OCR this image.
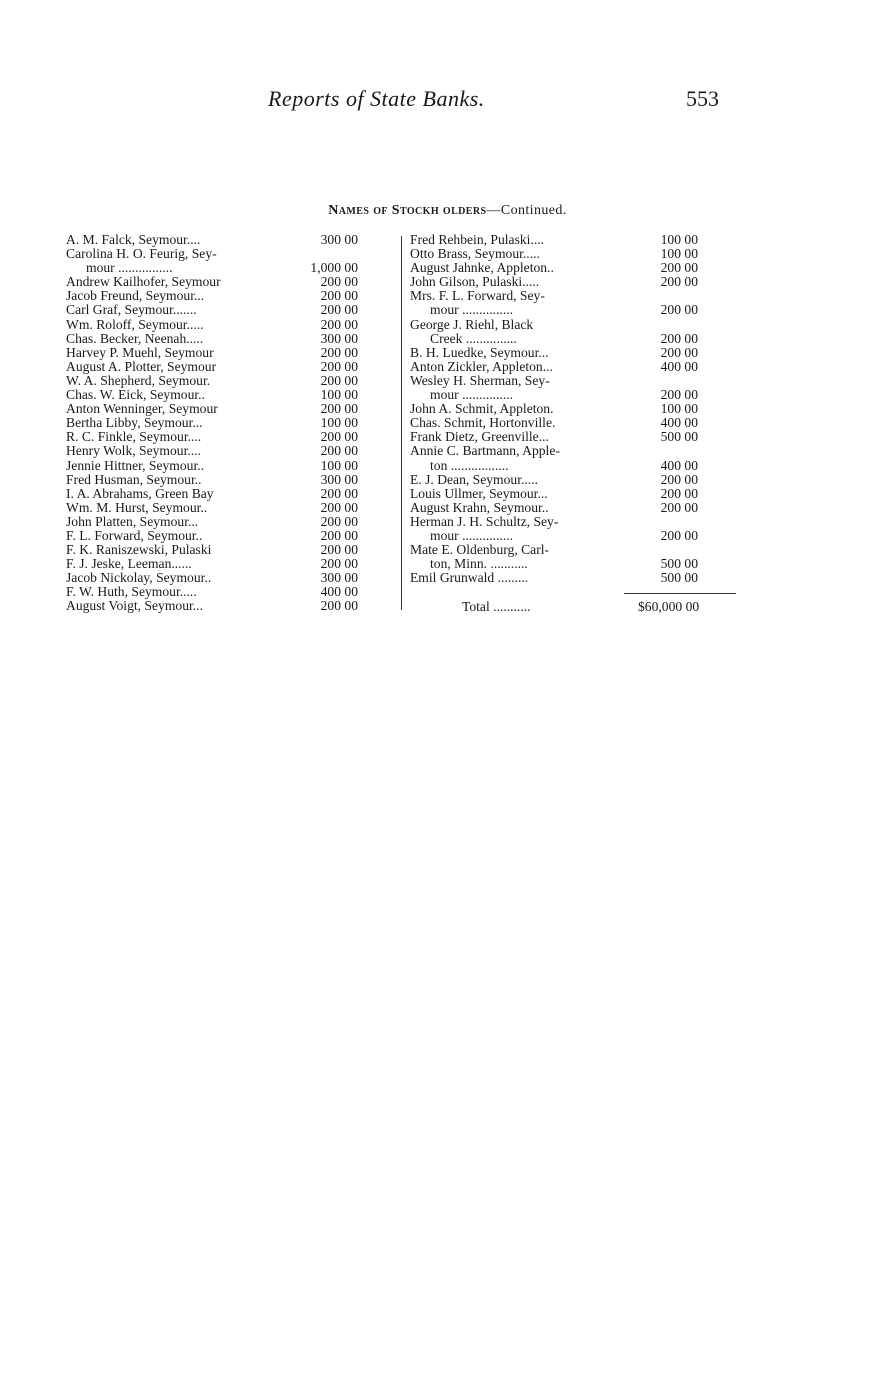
Reports of State Banks.	553
Names of Stockh olders—Continued.
A. M. Falck, Seymour....	300 00
Carolina H. O. Feurig, Sey-
mour ................	1,000 00
Andrew Kailhofer, Seymour	200 00
Jacob Freund, Seymour...	200 00
Carl Graf, Seymour.......	200 00
Wm. Roloff, Seymour.....	200 00
Chas. Becker, Neenah.....	300 00
Harvey P. Muehl, Seymour	200 00
August A. Plotter, Seymour	200 00
W. A. Shepherd, Seymour.	200 00
Chas. W. Eick, Seymour..	100 00
Anton Wenninger, Seymour	200 00
Bertha Libby, Seymour...	100 00
R. C. Finkle, Seymour....	200 00
Henry Wolk, Seymour....	200 00
Jennie Hittner, Seymour..	100 00
Fred Husman, Seymour..	300 00
I. A. Abrahams, Green Bay	200 00
Wm. M. Hurst, Seymour..	200 00
John Platten, Seymour...	200 00
F. L. Forward, Seymour..	200 00
F. K. Raniszewski, Pulaski	200 00
F. J. Jeske, Leeman......	200 00
Jacob Nickolay, Seymour..	300 00
F. W. Huth, Seymour.....	400 00
August Voigt, Seymour...	200 00
Fred Rehbein, Pulaski....	100 00
Otto Brass, Seymour.....	100 00
August Jahnke, Appleton..	200 00
John Gilson, Pulaski.....	200 00
Mrs. F. L. Forward, Sey-
mour ...............	200 00
George J. Riehl, Black
Creek ...............	200 00
B. H. Luedke, Seymour...	200 00
Anton Zickler, Appleton...	400 00
Wesley H. Sherman, Sey-
mour ...............	200 00
John A. Schmit, Appleton.	100 00
Chas. Schmit, Hortonville.	400 00
Frank Dietz, Greenville...	500 00
Annie C. Bartmann, Apple-
ton .................	400 00
E. J. Dean, Seymour.....	200 00
Louis Ullmer, Seymour...	200 00
August Krahn, Seymour..	200 00
Herman J. H. Schultz, Sey-
mour ...............	200 00
Mate E. Oldenburg, Carl-
ton, Minn. ...........	500 00
Emil Grunwald .........	500 00
Total ...........	$60,000 00
